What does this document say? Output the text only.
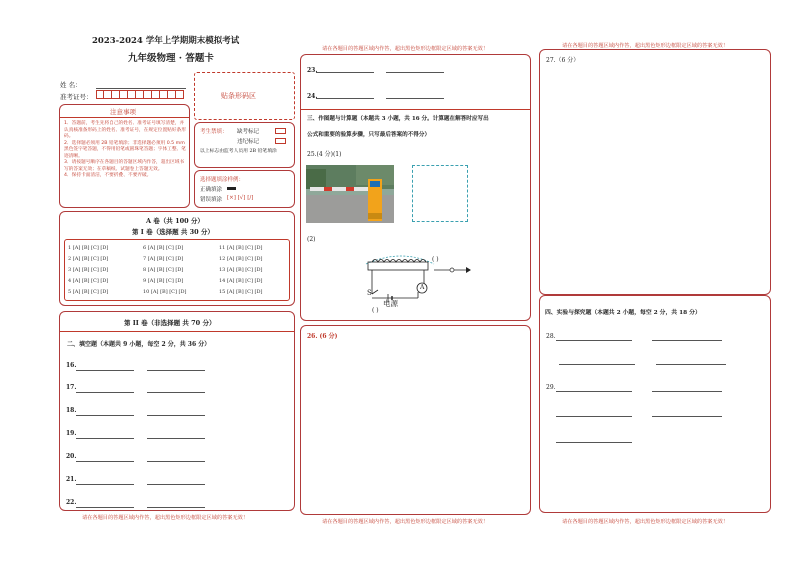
2023-2024 学年上学期期末模拟考试
九年级物理 · 答题卡
姓 名：
准考证号：	贴条形码区
注意事项
1．答题前，考生先将自己的姓名、准考证号填写清楚，并认真核准条形码上的姓名、准考证号，在规定位置贴好条形码。
2．选择题必须用 2B 铅笔填涂；非选择题必须用 0.5 mm 黑色签字笔答题，不得用铅笔或圆珠笔答题；字体工整、笔迹清晰。
3．请按题号顺序在各题目的答题区域内作答，超出区域书写的答案无效；在草稿纸、试题卷上答题无效。
4．保持卡面清洁，不要折叠、不要弄破。
考生禁填： 缺考标记
违纪标记
以上标志由监考人员用 2B 铅笔填涂
选择题填涂样例：
正确填涂
错误填涂 [×] [√] [/]
A 卷（共 100 分）
第 I 卷（选择题 共 30 分）
1 [A] [B] [C] [D]	6 [A] [B] [C] [D]	11 [A] [B] [C] [D]
2 [A] [B] [C] [D]	7 [A] [B] [C] [D]	12 [A] [B] [C] [D]
3 [A] [B] [C] [D]	8 [A] [B] [C] [D]	13 [A] [B] [C] [D]
4 [A] [B] [C] [D]	9 [A] [B] [C] [D]	14 [A] [B] [C] [D]
5 [A] [B] [C] [D]	10 [A] [B] [C] [D]	15 [A] [B] [C] [D]
第 II 卷（非选择题 共 70 分）
二、填空题（本题共 9 小题，每空 2 分，共 36 分）
16.
17.
18.
19.
20.
21.
22.
请在各题目的答题区域内作答，超出黑色矩形边框限定区域的答案无效！
请在各题目的答题区域内作答，超出黑色矩形边框限定区域的答案无效！
23.
24.
三、作图题与计算题（本题共 3 小题，共 16 分。计算题在解答时应写出
公式和重要的验算步骤，只写最后答案的不得分）
25.(4 分)(1)
(2)
( )
S
A
电源
( )
26. (6 分)
请在各题目的答题区域内作答，超出黑色矩形边框限定区域的答案无效！
请在各题目的答题区域内作答，超出黑色矩形边框限定区域的答案无效！
27.（6 分）
四、实验与探究题（本题共 2 小题，每空 2 分，共 18 分）
28.
29.
请在各题目的答题区域内作答，超出黑色矩形边框限定区域的答案无效！
